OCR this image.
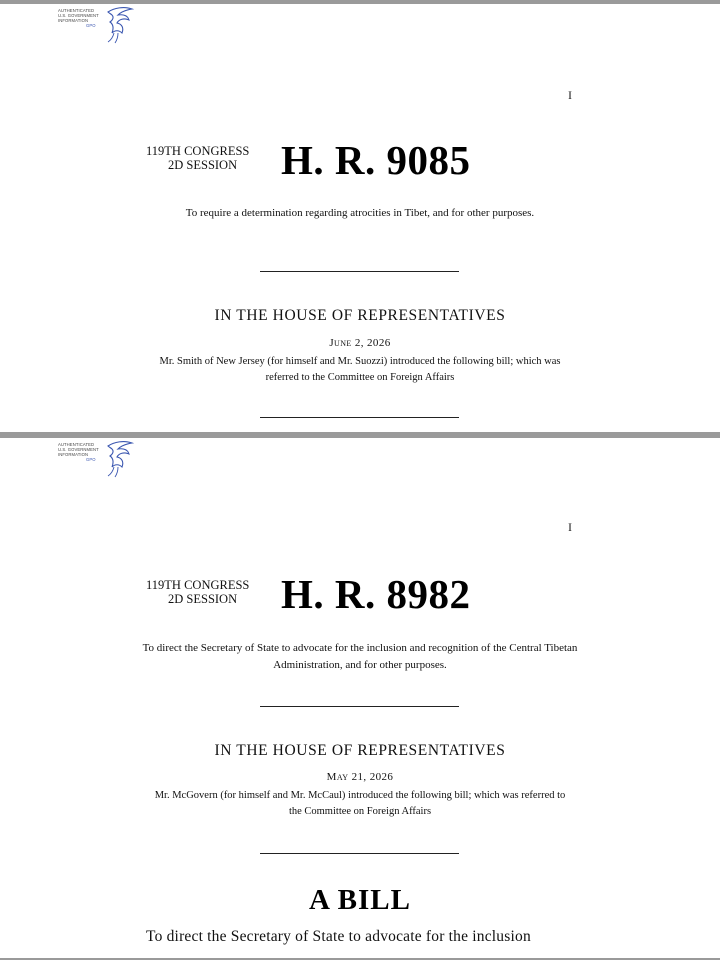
AUTHENTICATED
U.S. GOVERNMENT
INFORMATION
GPO
I
119TH CONGRESS
2D SESSION H. R. 9085
To require a determination regarding atrocities in Tibet, and for other purposes.
IN THE HOUSE OF REPRESENTATIVES
June 2, 2026
Mr. Smith of New Jersey (for himself and Mr. Suozzi) introduced the following bill; which was referred to the Committee on Foreign Affairs
AUTHENTICATED
U.S. GOVERNMENT
INFORMATION
GPO
I
119TH CONGRESS
2D SESSION H. R. 8982
To direct the Secretary of State to advocate for the inclusion and recognition of the Central Tibetan Administration, and for other purposes.
IN THE HOUSE OF REPRESENTATIVES
May 21, 2026
Mr. McGovern (for himself and Mr. McCaul) introduced the following bill; which was referred to the Committee on Foreign Affairs
A BILL
To direct the Secretary of State to advocate for the inclusion
